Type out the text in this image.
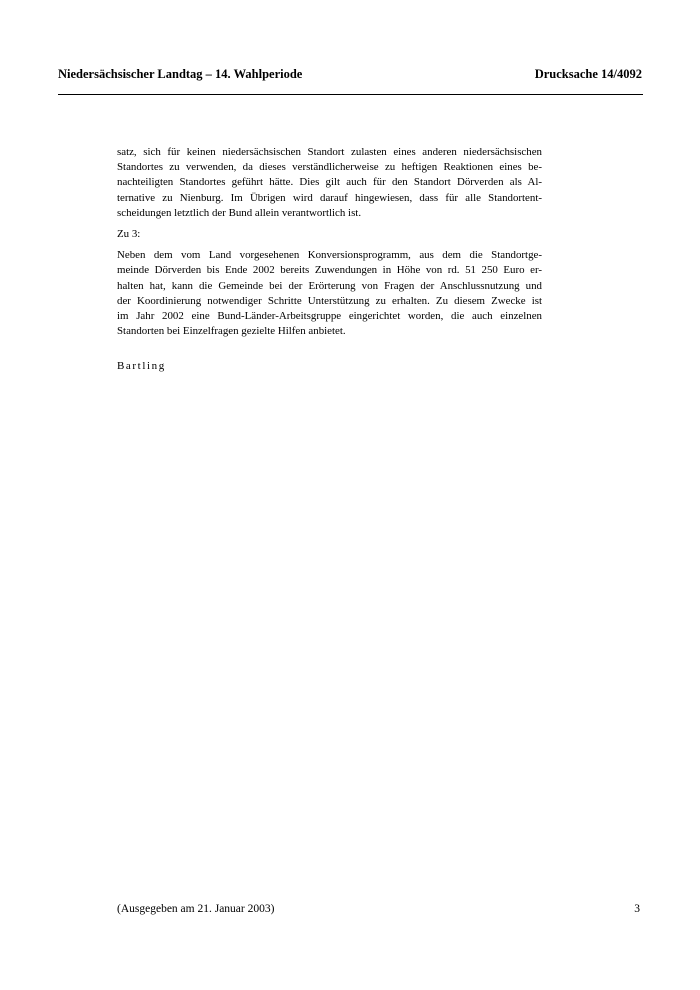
Niedersächsischer Landtag – 14. Wahlperiode	Drucksache 14/4092
satz, sich für keinen niedersächsischen Standort zulasten eines anderen niedersächsischen
Standortes zu verwenden, da dieses verständlicherweise zu heftigen Reaktionen eines be-
nachteiligten Standortes geführt hätte. Dies gilt auch für den Standort Dörverden als Al-
ternative zu Nienburg. Im Übrigen wird darauf hingewiesen, dass für alle Standortent-
scheidungen letztlich der Bund allein verantwortlich ist.
Zu 3:
Neben dem vom Land vorgesehenen Konversionsprogramm, aus dem die Standortge-
meinde Dörverden bis Ende 2002 bereits Zuwendungen in Höhe von rd. 51 250 Euro er-
halten hat, kann die Gemeinde bei der Erörterung von Fragen der Anschlussnutzung und
der Koordinierung notwendiger Schritte Unterstützung zu erhalten. Zu diesem Zwecke ist
im Jahr 2002 eine Bund-Länder-Arbeitsgruppe eingerichtet worden, die auch einzelnen
Standorten bei Einzelfragen gezielte Hilfen anbietet.
Bartling
(Ausgegeben am 21. Januar 2003)	3
